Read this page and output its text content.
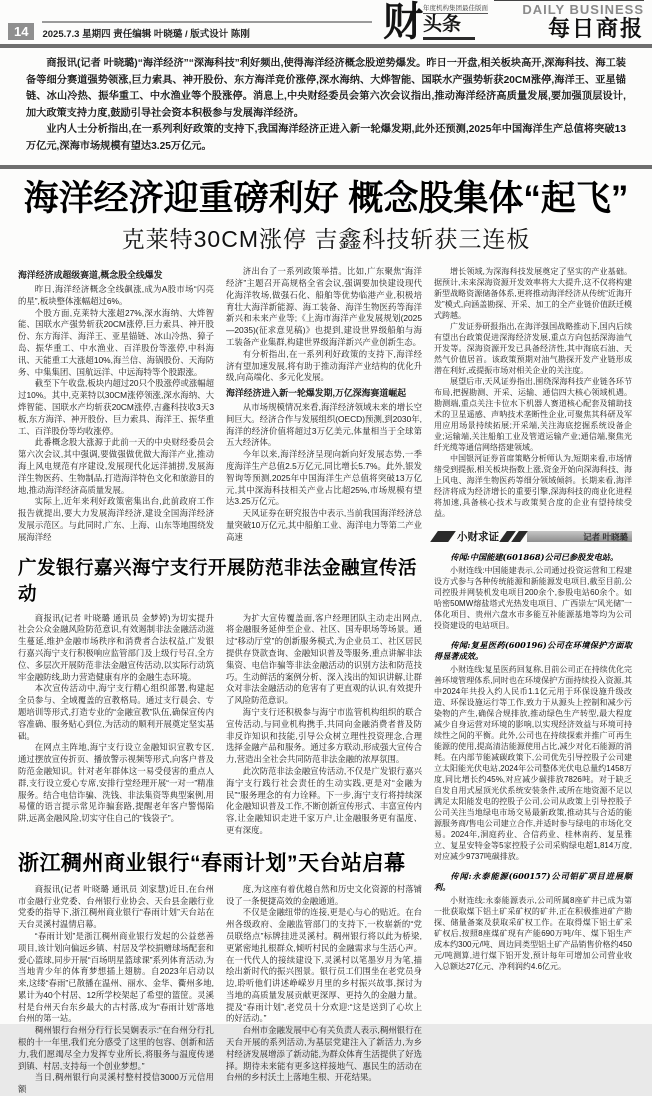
14	2025.7.3 星期四 责任编辑 叶晓璐 / 版式设计 陈刚	财 年度机构集团最佳版面
头条
DAILY BUSINESS
每日商报

商报讯(记者 叶晓璐)“海洋经济”“深海科技”利好频出,使得海洋经济概念股逆势爆发。昨日一开盘,相关板块高开,深海科技、海工装备等细分赛道强势领涨,巨力索具、神开股份、东方海洋竞价涨停,深水海纳、大烨智能、国联水产强势斩获20CM涨停,海洋王、亚星锚链、冰山冷热、振华重工、中水渔业等个股涨停。消息上,中央财经委员会第六次会议指出,推动海洋经济高质量发展,要加强顶层设计,加大政策支持力度,鼓励引导社会资本积极参与发展海洋经济。

业内人士分析指出,在一系列利好政策的支持下,我国海洋经济正进入新一轮爆发期,此外还预测,2025年中国海洋生产总值将突破13万亿元,深海市场规模有望达3.25万亿元。

海洋经济迎重磅利好 概念股集体“起飞”
克莱特30CM涨停 吉鑫科技斩获三连板

海洋经济成超级赛道,概念股全线爆发

昨日,海洋经济概念全线飙涨,成为A股市场“闪亮的星”,板块整体涨幅超过6%。

个股方面,克莱特大涨超27%,深水海纳、大烨智能、国联水产强势斩获20CM涨停,巨力索具、神开股份、东方海洋、海洋王、亚星锚链、冰山冷热、獐子岛、振华重工、中水渔业、百洋股份等涨停,中科海讯、天能重工大涨超10%,海兰信、海锅股份、天海防务、中集集团、国航远洋、中远海特等个股跟涨。

截至下午收盘,板块内超过20只个股涨停或涨幅超过10%。其中,克莱特以30CM涨停领涨,深水海纳、大烨智能、国联水产均斩获20CM涨停,吉鑫科技收3天3板,东方海洋、神开股份、巨力索具、海洋王、振华重工、百洋股份等均收涨停。

此番概念股大涨源于此前一天的中央财经委员会第六次会议,其中强调,要做强做优做大海洋产业,推动海上风电规范有序建设,发展现代化远洋捕捞,发展海洋生物医药、生物制品,打造海洋特色文化和旅游目的地,推动海洋经济高质量发展。

实际上,近年来利好政策密集出台,此前政府工作报告就提出,要大力发展海洋经济,建设全国海洋经济发展示范区。与此同时,广东、上海、山东等地围绕发展海洋经

济出台了一系列政策举措。比如,广东聚焦“海洋经济”主题召开高规格全省会议,强调要加快建设现代化海洋牧场,做强石化、船舶等优势临港产业,积极培育壮大海洋新能源、海工装备、海洋生物医药等海洋新兴和未来产业等;《上海市海洋产业发展规划(2025—2035)(征求意见稿)》也提到,建设世界级船舶与海工装备产业集群,构建世界级海洋新兴产业创新生态。

有分析指出,在一系列利好政策的支持下,海洋经济有望加速发展,将有助于推动海洋产业结构的优化升级,向高端化、多元化发展。

海洋经济进入新一轮爆发期,万亿深海赛道崛起

从市场规模情况来看,海洋经济领域未来的增长空间巨大。经济合作与发展组织(OECD)预测,到2030年,海洋的经济价值将超过3万亿美元,体量相当于全球第五大经济体。

今年以来,海洋经济呈现向新向好发展态势,一季度海洋生产总值2.5万亿元,同比增长5.7%。此外,银发智询等预测,2025年中国海洋生产总值将突破13万亿元,其中深海科技相关产业占比超25%,市场规模有望达3.25万亿元。

天风证券在研究报告中表示,当前我国海洋经济总量突破10万亿元,其中船舶工业、海洋电力等第二产业高速

广发银行嘉兴海宁支行开展防范非法金融宣传活动

商报讯(记者 叶晓璐 通讯员 金梦婷)为切实提升社会公众金融风险防范意识,有效遏制非法金融活动滋生蔓延,维护金融市场秩序和消费者合法权益,广发银行嘉兴海宁支行积极响应监管部门及上级行号召,全方位、多层次开展防范非法金融宣传活动,以实际行动筑牢金融防线,助力营造健康有序的金融生态环境。

本次宣传活动中,海宁支行精心组织部署,构建起全员参与、全域覆盖的宣教格局。通过支行晨会、专题培训等形式,打造专业的“金融宣教”队伍,确保宣传内容准确、服务贴心到位,为活动的顺利开展奠定坚实基础。

在网点主阵地,海宁支行设立金融知识宣教专区,通过摆放宣传折页、播放警示视频等形式,向客户普及防范金融知识。针对老年群体这一易受侵害的重点人群,支行设立爱心专席,安排行堂经理开展“一对一”精准服务。结合电信诈骗、洗钱、非法集资等典型案例,用易懂的语言提示常见诈骗套路,提醒老年客户警惕陷阱,远离金融风险,切实守住自己的“钱袋子”。

为扩大宣传覆盖面,客户经理团队主动走出网点,将金融服务延伸至企业、社区、国寿职场等场景。通过“移动厅堂”的创新服务模式,为企业员工、社区居民提供存贷款查询、金融知识普及等服务,重点讲解非法集资、电信诈骗等非法金融活动的识别方法和防范技巧。生动鲜活的案例分析、深入浅出的知识讲解,让群众对非法金融活动的危害有了更直观的认识,有效提升了风险防范意识。

海宁支行还积极参与海宁市监管机构组织的联合宣传活动,与同业机构携手,共同向金融消费者普及防非反诈知识和技能,引导公众树立理性投资理念,合理选择金融产品和服务。通过多方联动,形成强大宣传合力,营造出全社会共同防范非法金融的浓厚氛围。

此次防范非法金融宣传活动,不仅是广发银行嘉兴海宁支行践行社会责任的生动实践,更是对“金融为民”“服务理念的有力诠释。下一步,海宁支行将持续深化金融知识普及工作,不断创新宣传形式、丰富宣传内容,让金融知识走进千家万户,让金融服务更有温度、更有深度。

浙江稠州商业银行“春雨计划”天台站启幕

商报讯(记者 叶晓璐 通讯员 刘家慧)近日,在台州市金融行业党委、台州银行业协会、天台县金融行业党委的指导下,浙江稠州商业银行“春雨计划”天台站在天台灵溪村温情启幕。

“春雨计划”是浙江稠州商业银行发起的公益慈善项目,该计划向偏远乡镇、村居及学校捐赠球场配套和爱心篮球,同步开展“百场明星篮球课”系列体育活动,为当地青少年的体育梦想插上翅膀。自2023年启动以来,这缕“春雨”已散播在温州、丽水、金华、衢州多地,累计为40个村居、12所学校架起了希望的篮筐。灵溪村是台州天台东乡最大的古村落,成为“春雨计划”落地台州的第一站。

稠州银行台州分行行长吴娴表示:“在台州分行扎根的十一年里,我们充分感受了这里的包容、创新和活力,我们愿竭尽全力发挥专业所长,将服务与温度传递到镇、村居,支持每一个创业梦想。”

当日,稠州银行向灵溪村整村授信3000万元信用额

度,为这座有着优越自然和历史文化资源的村落铺设了一条便捷高效的金融通道。

不仅是金融纽带的连接,更是心与心的贴近。在台州各级政府、金融监管部门的支持下,一枚崭新的“党员联络点”标牌挂进灵溪村。稠州银行将以此为桥梁,更紧密地扎根群众,倾听村民的金融需求与生活心声。在一代代人的接续建设下,灵溪村以笔墨岁月为笔,描绘出新时代的振兴图景。银行员工们围坐在老党员身边,聆听他们讲述峥嵘岁月里的乡村振兴故事,探讨为当地的高质量发展贡献更深厚、更持久的金融力量。提及“春雨计划”,老党员十分欢迎:“这是送到了心坎上的好活动。”

台州市金融发展中心有关负责人表示,稠州银行在天台开展的系列活动,为基层党建注入了新活力,为乡村经济发展增添了新动能,为群众体育生活提供了好选择。期待未来能有更多这样接地气、惠民生的活动在台州的乡村沃土上落地生根、开花结果。

增长领域,为深海科技发展奠定了坚实的产业基础。据预计,未来深海资源开发效率将大大提升,这不仅将构建新型战略资源储备体系,更将推动海洋经济从传统“近海开发”模式,向涵盖勘探、开采、加工的全产业链价值跃迁模式跨越。

广发证券研报指出,在海洋强国战略推动下,国内后续有望出台政策促进深海经济发展,重点方向包括深海油气开发等。深海资源开发已具备经济性,其中海底石油、天然气价值居首。该政策预期对油气勘探开发产业链形成潜在利好,或提振市场对相关企业的关注度。

展望后市,天风证券指出,围绕深海科技产业链各环节布局,把握勘测、开采、运输、通信四大核心领域机遇。勘测端,重点关注卡位水下机器人赛道核心配套及辅助技术的卫星遥感、声呐技术垄断性企业,可聚焦其科研及军用应用场景持续拓展;开采端,关注海底挖掘系统设备企业;运输端,关注船舶工业及管道运输产业;通信端,聚焦光纤光缆等通信网络搭建领域。

中国银河证券首席策略分析师认为,短期来看,市场情绪受到提振,相关板块指数上涨,资金开始向深海科技、海上风电、海洋生物医药等细分领域倾斜。长期来看,海洋经济将成为经济增长的重要引擎,深海科技的商业化进程将加速,具备核心技术与政策契合度的企业有望持续受益。

小财求证	记者 叶晓璐

传闻:中国能建(601868)公司已参股发电站。

小财连线:中国能建表示,公司通过投资运营和工程建设方式参与各种传统能源和新能源发电项目,截至目前,公司控股并网装机发电项目200余个,参股电站60余个。如哈密50MW熔盐塔式光热发电项目、广西崇左“风光储”一体化项目、贵州六盘水市多能互补能源基地等均为公司投资建设的电站项目。

传闻:复星医药(600196)公司在环境保护方面取得显著成效。

小财连线:复星医药回复称,目前公司正在持续优化完善环境管理体系,同时也在环境保护方面持续投入资源,其中2024年共投入约人民币1.1亿元用于环保设施升级改造、环保设施运行等工作,致力于从源头上控制和减少污染物的产生,确保合规排放,推动绿色生产转型,最大程度减少自身运营对环境的影响,以实现经济效益与环境可持续性之间的平衡。此外,公司也在持续探索并推广可再生能源的使用,提高清洁能源使用占比,减少对化石能源的消耗。在内部节能减碳政策下,公司优先引导控股子公司建立太阳能光伏电站,2024年公司整体光伏电总量约1458万度,同比增长约45%,对应减少碳排放7826吨。对于缺乏自发自用式屋顶光伏系统安装条件,或所在地资源不足以满足太阳能发电的控股子公司,公司从政策上引导控股子公司关注当地绿电市场交易最新政策,推动其与合适的能源服务商/售电公司建立合作,并适时参与绿电的市场化交易。2024年,洞庭药业、合信药业、桂林南药、复星雅立、复星安特金等5家控股子公司采购绿电超1,814万度,对应减少9737吨碳排放。

传闻:永泰能源(600157)公司铝矿项目进展顺利。

小财连线:永泰能源表示,公司所属8座矿井已成为第一批获取煤下铝土矿采矿权的矿井,正在积极推进矿产勘探、储量备案及获取采矿权工作。在取得煤下铝土矿采矿权后,按照8座煤矿现有产能690万吨/年、煤下铝生产成本约300元/吨、周边同类型铝土矿产品销售价格约450元/吨测算,进行煤下铝开发,预计每年可增加公司营业收入总额达27亿元、净利润约4.6亿元。
